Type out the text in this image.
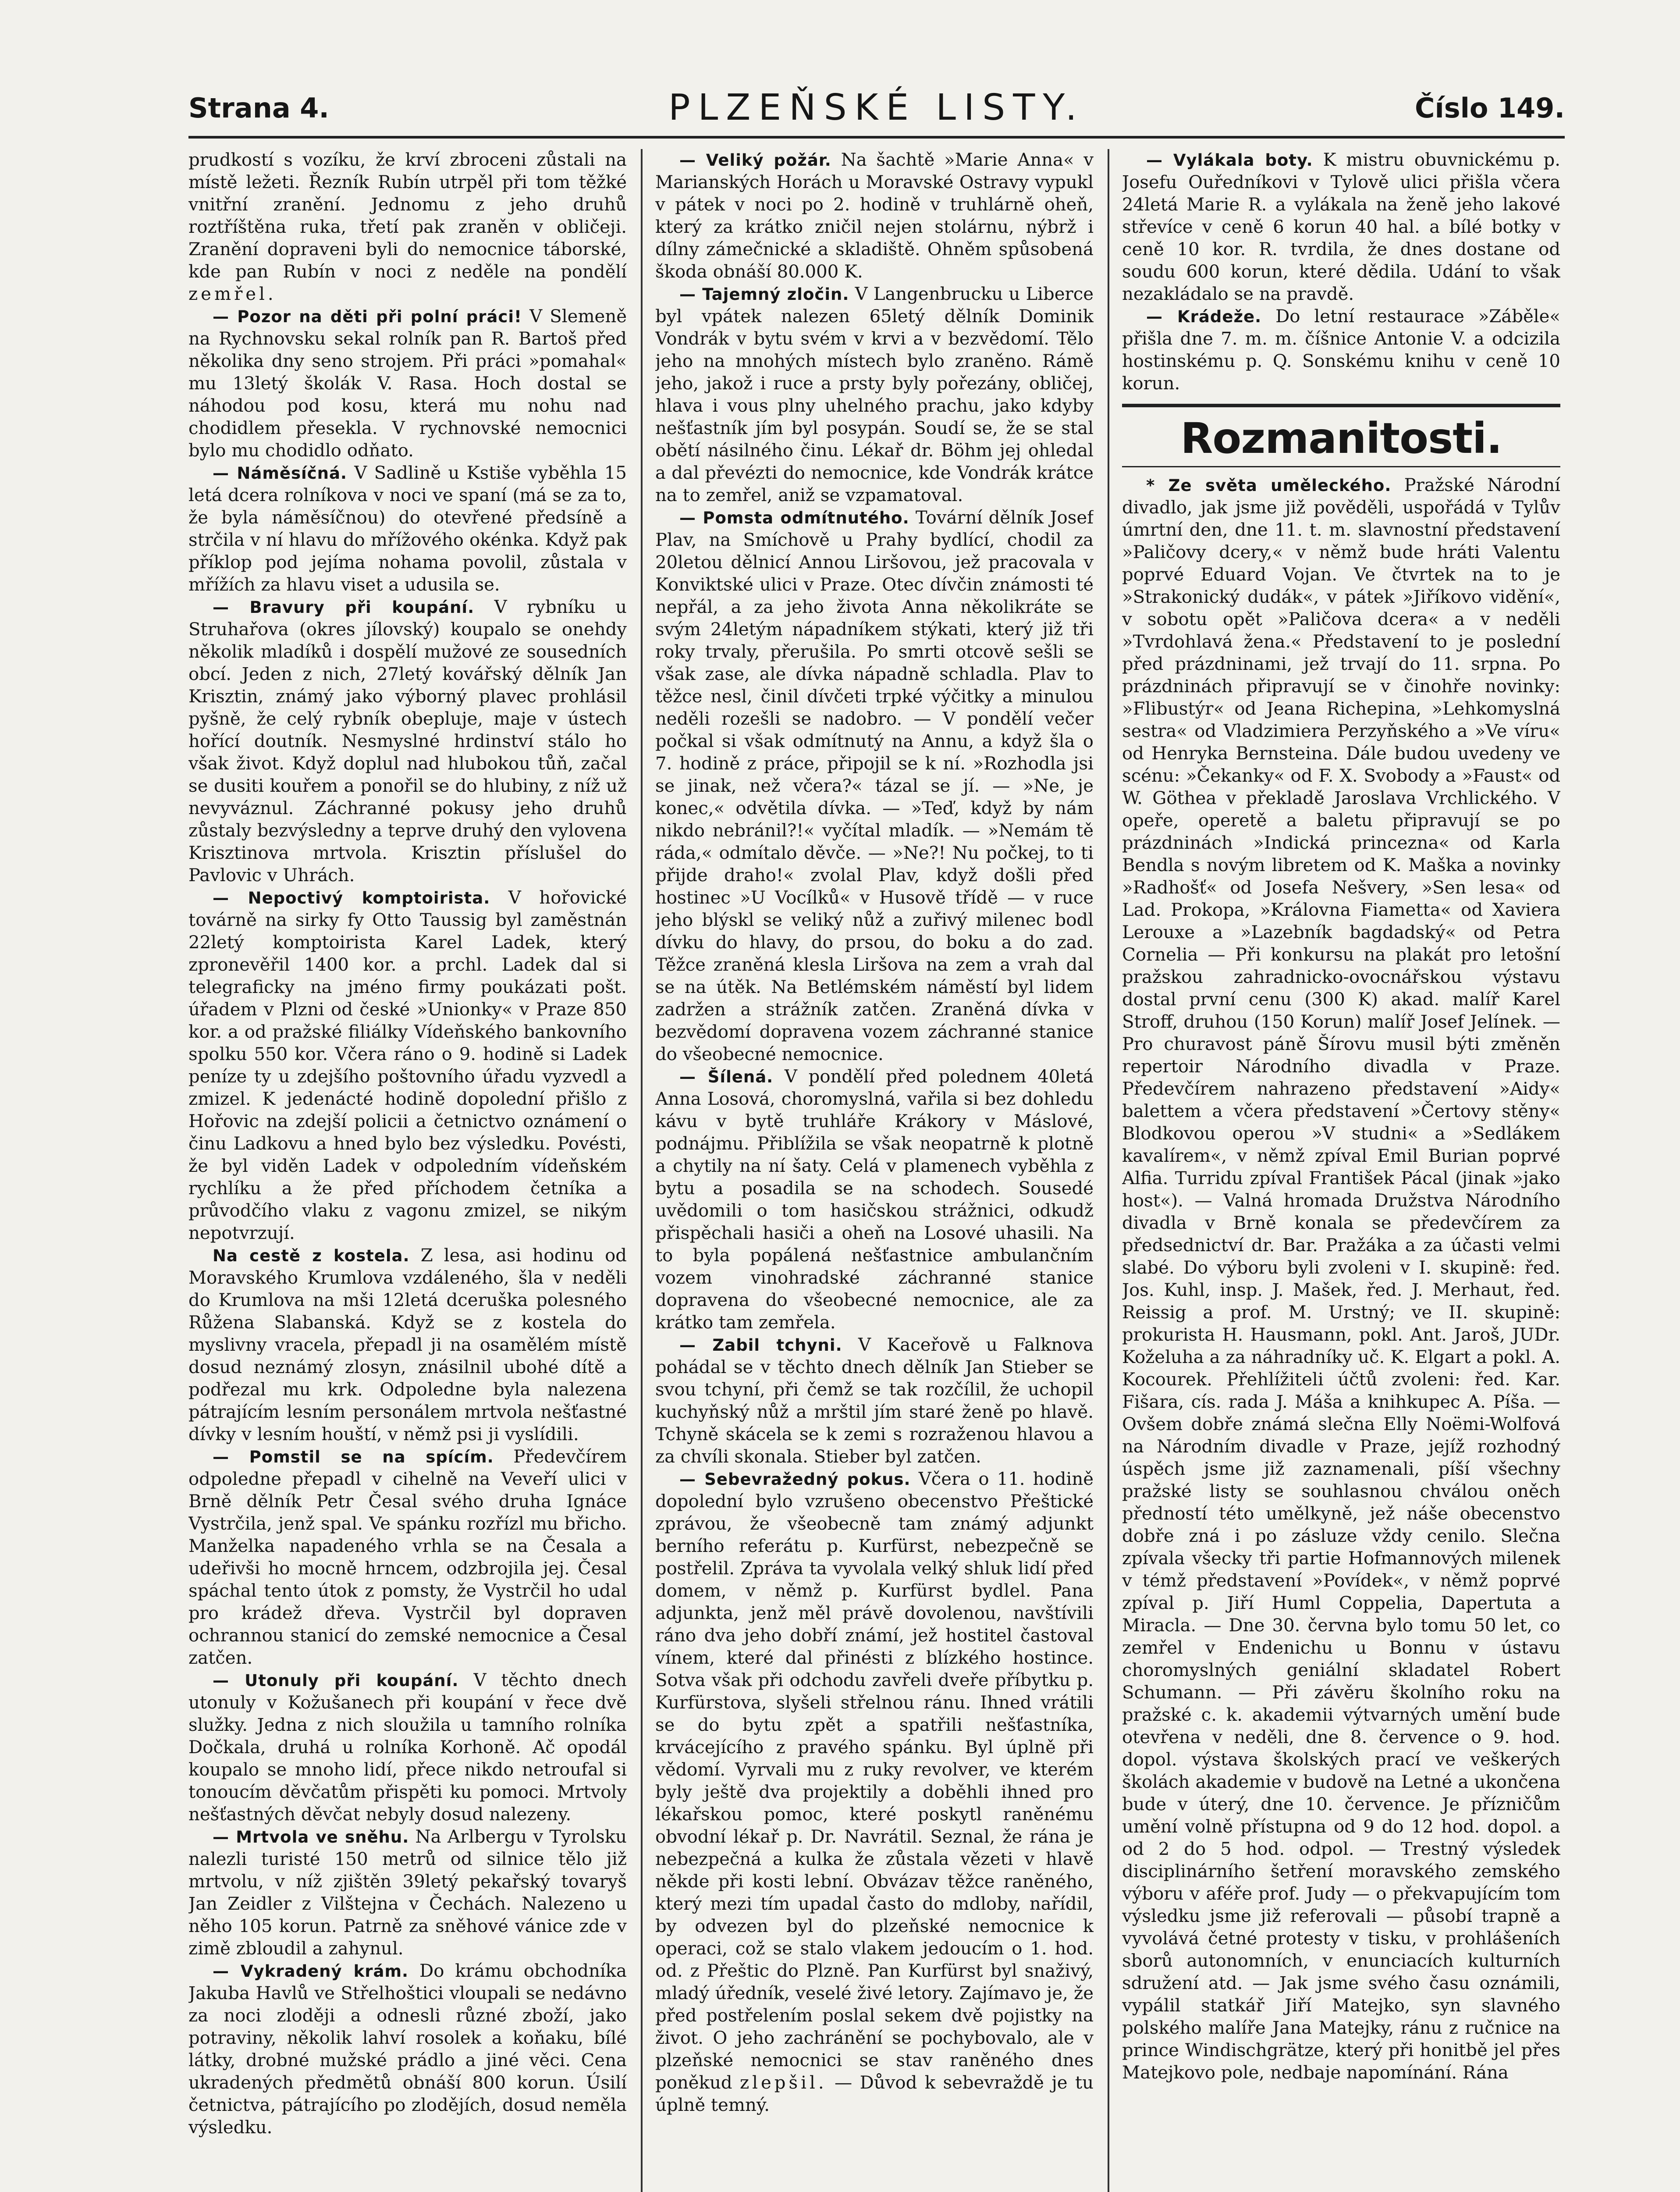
Strana 4.	PLZEŇSKÉ LISTY.	Číslo 149.

prudkostí s vozíku, že krví zbroceni zůstali na místě ležeti. Řezník Rubín utrpěl při tom těžké vnitřní zranění. Jednomu z jeho druhů roztříštěna ruka, třetí pak zraněn v obličeji. Zranění dopraveni byli do nemocnice táborské, kde pan Rubín v noci z neděle na pondělí zemřel.

— Pozor na děti při polní práci! V Slemeně na Rychnovsku sekal rolník pan R. Bartoš před několika dny seno strojem. Při práci »pomahal« mu 13letý školák V. Rasa. Hoch dostal se náhodou pod kosu, která mu nohu nad chodidlem přesekla. V rychnovské nemocnici bylo mu chodidlo odňato.

— Náměsíčná. V Sadlině u Kstiše vyběhla 15 letá dcera rolníkova v noci ve spaní (má se za to, že byla náměsíčnou) do otevřené předsíně a strčila v ní hlavu do mřížového okénka. Když pak příklop pod jejíma nohama povolil, zůstala v mřížích za hlavu viset a udusila se.

— Bravury při koupání. V rybníku u Struhařova (okres jílovský) koupalo se onehdy několik mladíků i dospělí mužové ze sousedních obcí. Jeden z nich, 27letý kovářský dělník Jan Krisztin, známý jako výborný plavec prohlásil pyšně, že celý rybník obepluje, maje v ústech hořící doutník. Nesmyslné hrdinství stálo ho však život. Když doplul nad hlubokou tůň, začal se dusiti kouřem a ponořil se do hlubiny, z níž už nevyváznul. Záchranné pokusy jeho druhů zůstaly bezvýsledny a teprve druhý den vylovena Krisztinova mrtvola. Krisztin příslušel do Pavlovic v Uhrách.

— Nepoctivý komptoirista. V hořovické továrně na sirky fy Otto Taussig byl zaměstnán 22letý komptoirista Karel Ladek, který zpronevěřil 1400 kor. a prchl. Ladek dal si telegraficky na jméno firmy poukázati pošt. úřadem v Plzni od české »Unionky« v Praze 850 kor. a od pražské filiálky Vídeňského bankovního spolku 550 kor. Včera ráno o 9. hodině si Ladek peníze ty u zdejšího poštovního úřadu vyzvedl a zmizel. K jedenácté hodině dopolední přišlo z Hořovic na zdejší policii a četnictvo oznámení o činu Ladkovu a hned bylo bez výsledku. Povésti, že byl viděn Ladek v odpoledním vídeňském rychlíku a že před příchodem četníka a průvodčího vlaku z vagonu zmizel, se nikým nepotvrzují.

Na cestě z kostela. Z lesa, asi hodinu od Moravského Krumlova vzdáleného, šla v neděli do Krumlova na mši 12letá dceruška polesného Růžena Slabanská. Když se z kostela do myslivny vracela, přepadl ji na osamělém místě dosud neznámý zlosyn, znásilnil ubohé dítě a podřezal mu krk. Odpoledne byla nalezena pátrajícím lesním personálem mrtvola nešťastné dívky v lesním houští, v němž psi ji vyslídili.

— Pomstil se na spícím. Předevčírem odpoledne přepadl v cihelně na Veveří ulici v Brně dělník Petr Česal svého druha Ignáce Vystrčila, jenž spal. Ve spánku rozřízl mu břicho. Manželka napadeného vrhla se na Česala a udeřivši ho mocně hrncem, odzbrojila jej. Česal spáchal tento útok z pomsty, že Vystrčil ho udal pro krádež dřeva. Vystrčil byl dopraven ochrannou stanicí do zemské nemocnice a Česal zatčen.

— Utonuly při koupání. V těchto dnech utonuly v Kožušanech při koupání v řece dvě služky. Jedna z nich sloužila u tamního rolníka Dočkala, druhá u rolníka Korhoně. Ač opodál koupalo se mnoho lidí, přece nikdo netroufal si tonoucím děvčatům přispěti ku pomoci. Mrtvoly nešťastných děvčat nebyly dosud nalezeny.

— Mrtvola ve sněhu. Na Arlbergu v Tyrolsku nalezli turisté 150 metrů od silnice tělo již mrtvolu, v níž zjištěn 39letý pekařský tovaryš Jan Zeidler z Vilštejna v Čechách. Nalezeno u něho 105 korun. Patrně za sněhové vánice zde v zimě zbloudil a zahynul.

— Vykradený krám. Do krámu obchodníka Jakuba Havlů ve Střelhoštici vloupali se nedávno za noci zloději a odnesli různé zboží, jako potraviny, několik lahví rosolek a koňaku, bílé látky, drobné mužské prádlo a jiné věci. Cena ukradených předmětů obnáší 800 korun. Úsilí četnictva, pátrajícího po zlodějích, dosud neměla výsledku.

— Veliký požár. Na šachtě »Marie Anna« v Marianských Horách u Moravské Ostravy vypukl v pátek v noci po 2. hodině v truhlárně oheň, který za krátko zničil nejen stolárnu, nýbrž i dílny zámečnické a skladiště. Ohněm spůsobená škoda obnáší 80.000 K.

— Tajemný zločin. V Langenbrucku u Liberce byl vpátek nalezen 65letý dělník Dominik Vondrák v bytu svém v krvi a v bezvědomí. Tělo jeho na mnohých místech bylo zraněno. Rámě jeho, jakož i ruce a prsty byly pořezány, obličej, hlava i vous plny uhelného prachu, jako kdyby nešťastník jím byl posypán. Soudí se, že se stal obětí násilného činu. Lékař dr. Böhm jej ohledal a dal převézti do nemocnice, kde Vondrák krátce na to zemřel, aniž se vzpamatoval.

— Pomsta odmítnutého. Tovární dělník Josef Plav, na Smíchově u Prahy bydlící, chodil za 20letou dělnicí Annou Liršovou, jež pracovala v Konviktské ulici v Praze. Otec dívčin známosti té nepřál, a za jeho života Anna několikráte se svým 24letým nápadníkem stýkati, který již tři roky trvaly, přerušila. Po smrti otcově sešli se však zase, ale dívka nápadně schladla. Plav to těžce nesl, činil dívčeti trpké výčitky a minulou neděli rozešli se nadobro. — V pondělí večer počkal si však odmítnutý na Annu, a když šla o 7. hodině z práce, připojil se k ní. »Rozhodla jsi se jinak, než včera?« tázal se jí. — »Ne, je konec,« odvětila dívka. — »Teď, když by nám nikdo nebránil?!« vyčítal mladík. — »Nemám tě ráda,« odmítalo děvče. — »Ne?! Nu počkej, to ti přijde draho!« zvolal Plav, když došli před hostinec »U Vocílků« v Husově třídě — v ruce jeho blýskl se veliký nůž a zuřivý milenec bodl dívku do hlavy, do prsou, do boku a do zad. Těžce zraněná klesla Liršova na zem a vrah dal se na útěk. Na Betlémském náměstí byl lidem zadržen a strážník zatčen. Zraněná dívka v bezvědomí dopravena vozem záchranné stanice do všeobecné nemocnice.

— Šílená. V pondělí před polednem 40letá Anna Losová, choromyslná, vařila si bez dohledu kávu v bytě truhláře Krákory v Máslové, podnájmu. Přiblížila se však neopatrně k plotně a chytily na ní šaty. Celá v plamenech vyběhla z bytu a posadila se na schodech. Sousedé uvědomili o tom hasičskou strážnici, odkudž přispěchali hasiči a oheň na Losové uhasili. Na to byla popálená nešťastnice ambulančním vozem vinohradské záchranné stanice dopravena do všeobecné nemocnice, ale za krátko tam zemřela.

— Zabil tchyni. V Kaceřově u Falknova pohádal se v těchto dnech dělník Jan Stieber se svou tchyní, při čemž se tak rozčílil, že uchopil kuchyňský nůž a mrštil jím staré ženě po hlavě. Tchyně skácela se k zemi s rozraženou hlavou a za chvíli skonala. Stieber byl zatčen.

— Sebevražedný pokus. Včera o 11. hodině dopolední bylo vzrušeno obecenstvo Přeštické zprávou, že všeobecně tam známý adjunkt berního referátu p. Kurfürst, nebezpečně se postřelil. Zpráva ta vyvolala velký shluk lidí před domem, v němž p. Kurfürst bydlel. Pana adjunkta, jenž měl právě dovolenou, navštívili ráno dva jeho dobří známí, jež hostitel častoval vínem, které dal přinésti z blízkého hostince. Sotva však při odchodu zavřeli dveře příbytku p. Kurfürstova, slyšeli střelnou ránu. Ihned vrátili se do bytu zpět a spatřili nešťastníka, krvácejícího z pravého spánku. Byl úplně při vědomí. Vyrvali mu z ruky revolver, ve kterém byly ještě dva projektily a doběhli ihned pro lékařskou pomoc, které poskytl raněnému obvodní lékař p. Dr. Navrátil. Seznal, že rána je nebezpečná a kulka že zůstala vězeti v hlavě někde při kosti lební. Obvázav těžce raněného, který mezi tím upadal často do mdloby, nařídil, by odvezen byl do plzeňské nemocnice k operaci, což se stalo vlakem jedoucím o 1. hod. od. z Přeštic do Plzně. Pan Kurfürst byl snaživý, mladý úředník, veselé živé letory. Zajímavo je, že před postřelením poslal sekem dvě pojistky na život. O jeho zachránění se pochybovalo, ale v plzeňské nemocnici se stav raněného dnes poněkud zlepšil. — Důvod k sebevraždě je tu úplně temný.

— Vylákala boty. K mistru obuvnickému p. Josefu Ouředníkovi v Tylově ulici přišla včera 24letá Marie R. a vylákala na ženě jeho lakové střevíce v ceně 6 korun 40 hal. a bílé botky v ceně 10 kor. R. tvrdila, že dnes dostane od soudu 600 korun, které dědila. Udání to však nezakládalo se na pravdě.

— Krádeže. Do letní restaurace »Záběle« přišla dne 7. m. m. číšnice Antonie V. a odcizila hostinskému p. Q. Sonskému knihu v ceně 10 korun.

Rozmanitosti.

* Ze světa uměleckého. Pražské Národní divadlo, jak jsme již pověděli, uspořádá v Tylův úmrtní den, dne 11. t. m. slavnostní představení »Paličovy dcery,« v němž bude hráti Valentu poprvé Eduard Vojan. Ve čtvrtek na to je »Strakonický dudák«, v pátek »Jiříkovo vidění«, v sobotu opět »Paličova dcera« a v neděli »Tvrdohlavá žena.« Představení to je poslední před prázdninami, jež trvají do 11. srpna. Po prázdninách připravují se v činohře novinky: »Flibustýr« od Jeana Richepina, »Lehkomyslná sestra« od Vladzimiera Perzyňského a »Ve víru« od Henryka Bernsteina. Dále budou uvedeny ve scénu: »Čekanky« od F. X. Svobody a »Faust« od W. Göthea v překladě Jaroslava Vrchlického. V opeře, operetě a baletu připravují se po prázdninách »Indická princezna« od Karla Bendla s novým libretem od K. Maška a novinky »Radhošť« od Josefa Nešvery, »Sen lesa« od Lad. Prokopa, »Královna Fiametta« od Xaviera Lerouxe a »Lazebník bagdadský« od Petra Corneliа — Při konkursu na plakát pro letošní pražskou zahradnicko-ovocnářskou výstavu dostal první cenu (300 K) akad. malíř Karel Stroff, druhou (150 Korun) malíř Josef Jelínek. — Pro churavost páně Šírovu musil býti změněn repertoir Národního divadla v Praze. Předevčírem nahrazeno představení »Aidy« balettem a včera představení »Čertovy stěny« Blodkovou operou »V studni« a »Sedlákem kavalírem«, v němž zpíval Emil Burian poprvé Alfia. Turridu zpíval František Pácal (jinak »jako host«). — Valná hromada Družstva Národního divadla v Brně konala se předevčírem za předsednictví dr. Bar. Pražáka a za účasti velmi slabé. Do výboru byli zvoleni v I. skupině: řed. Jos. Kuhl, insp. J. Mašek, řed. J. Merhaut, řed. Reissig a prof. M. Urstný; ve II. skupině: prokurista H. Hausmann, pokl. Ant. Jaroš, JUDr. Koželuha a za náhradníky uč. K. Elgart a pokl. A. Kocourek. Přehlížiteli účtů zvoleni: řed. Kar. Fišara, cís. rada J. Máša a knihkupec A. Píša. — Ovšem dobře známá slečna Elly Noëmi-Wolfová na Národním divadle v Praze, jejíž rozhodný úspěch jsme již zaznamenali, píší všechny pražské listy se souhlasnou chválou oněch předností této umělkyně, jež náše obecenstvo dobře zná i po zásluze vždy cenilo. Slečna zpívala všecky tři partie Hofmannových milenek v témž představení »Povídek«, v němž poprvé zpíval p. Jiří Huml Coppelia, Dapertuta a Miracla. — Dne 30. června bylo tomu 50 let, co zemřel v Endenichu u Bonnu v ústavu choromyslných geniální skladatel Robert Schumann. — Při závěru školního roku na pražské c. k. akademii výtvarných umění bude otevřena v neděli, dne 8. července o 9. hod. dopol. výstava školských prací ve veškerých školách akademie v budově na Letné a ukončena bude v úterý, dne 10. července. Je přízničům umění volně přístupna od 9 do 12 hod. dopol. a od 2 do 5 hod. odpol. — Trestný výsledek disciplinárního šetření moravského zemského výboru v aféře prof. Judy — o překvapujícím tom výsledku jsme již referovali — působí trapně a vyvolává četné protesty v tisku, v prohlášeních sborů autonomních, v enunciacích kulturních sdružení atd. — Jak jsme svého času oznámili, vypálil statkář Jiří Matejko, syn slavného polského malíře Jana Matejky, ránu z ručnice na prince Windischgrätze, který při honitbě jel přes Matejkovo pole, nedbaje napomínání. Rána
